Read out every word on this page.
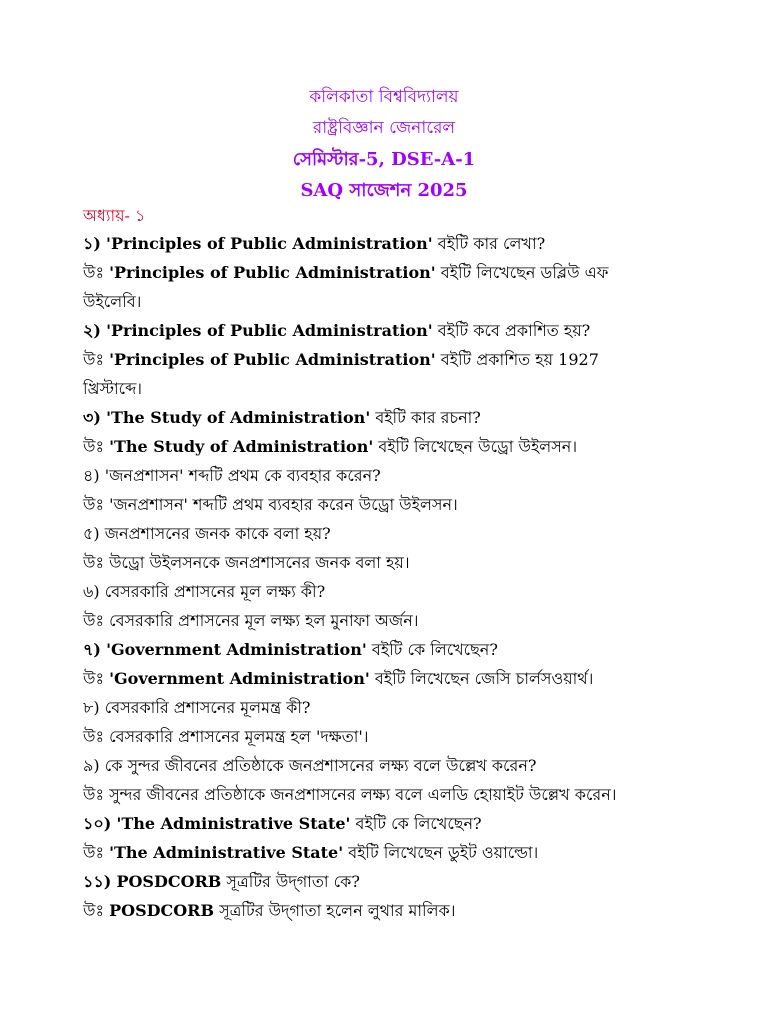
কলিকাতা বিশ্ববিদ্যালয়
রাষ্ট্রবিজ্ঞান জেনারেল
সেমিস্টার-5, DSE-A-1
SAQ সাজেশন 2025
অধ্যায়- ১
১) 'Principles of Public Administration' বইটি কার লেখা?
উঃ 'Principles of Public Administration' বইটি লিখেছেন ডব্লিউ এফ উইলেবি।
২) 'Principles of Public Administration' বইটি কবে প্রকাশিত হয়?
উঃ 'Principles of Public Administration' বইটি প্রকাশিত হয় 1927 খ্রিস্টাব্দে।
৩) 'The Study of Administration' বইটি কার রচনা?
উঃ 'The Study of Administration' বইটি লিখেছেন উড্রো উইলসন।
৪) 'জনপ্রশাসন' শব্দটি প্রথম কে ব্যবহার করেন?
উঃ 'জনপ্রশাসন' শব্দটি প্রথম ব্যবহার করেন উড্রো উইলসন।
৫) জনপ্রশাসনের জনক কাকে বলা হয়?
উঃ উড্রো উইলসনকে জনপ্রশাসনের জনক বলা হয়।
৬) বেসরকারি প্রশাসনের মূল লক্ষ্য কী?
উঃ বেসরকারি প্রশাসনের মূল লক্ষ্য হল মুনাফা অর্জন।
৭) 'Government Administration' বইটি কে লিখেছেন?
উঃ 'Government Administration' বইটি লিখেছেন জেসি চার্লসওয়ার্থ।
৮) বেসরকারি প্রশাসনের মূলমন্ত্র কী?
উঃ বেসরকারি প্রশাসনের মূলমন্ত্র হল 'দক্ষতা'।
৯) কে সুন্দর জীবনের প্রতিষ্ঠাকে জনপ্রশাসনের লক্ষ্য বলে উল্লেখ করেন?
উঃ সুন্দর জীবনের প্রতিষ্ঠাকে জনপ্রশাসনের লক্ষ্য বলে এলডি হোয়াইট উল্লেখ করেন।
১০) 'The Administrative State' বইটি কে লিখেছেন?
উঃ 'The Administrative State' বইটি লিখেছেন ডুইট ওয়াল্ডো।
১১) POSDCORB সূত্রটির উদ্‌গাতা কে?
উঃ POSDCORB সূত্রটির উদ্‌গাতা হলেন লুথার মালিক।
